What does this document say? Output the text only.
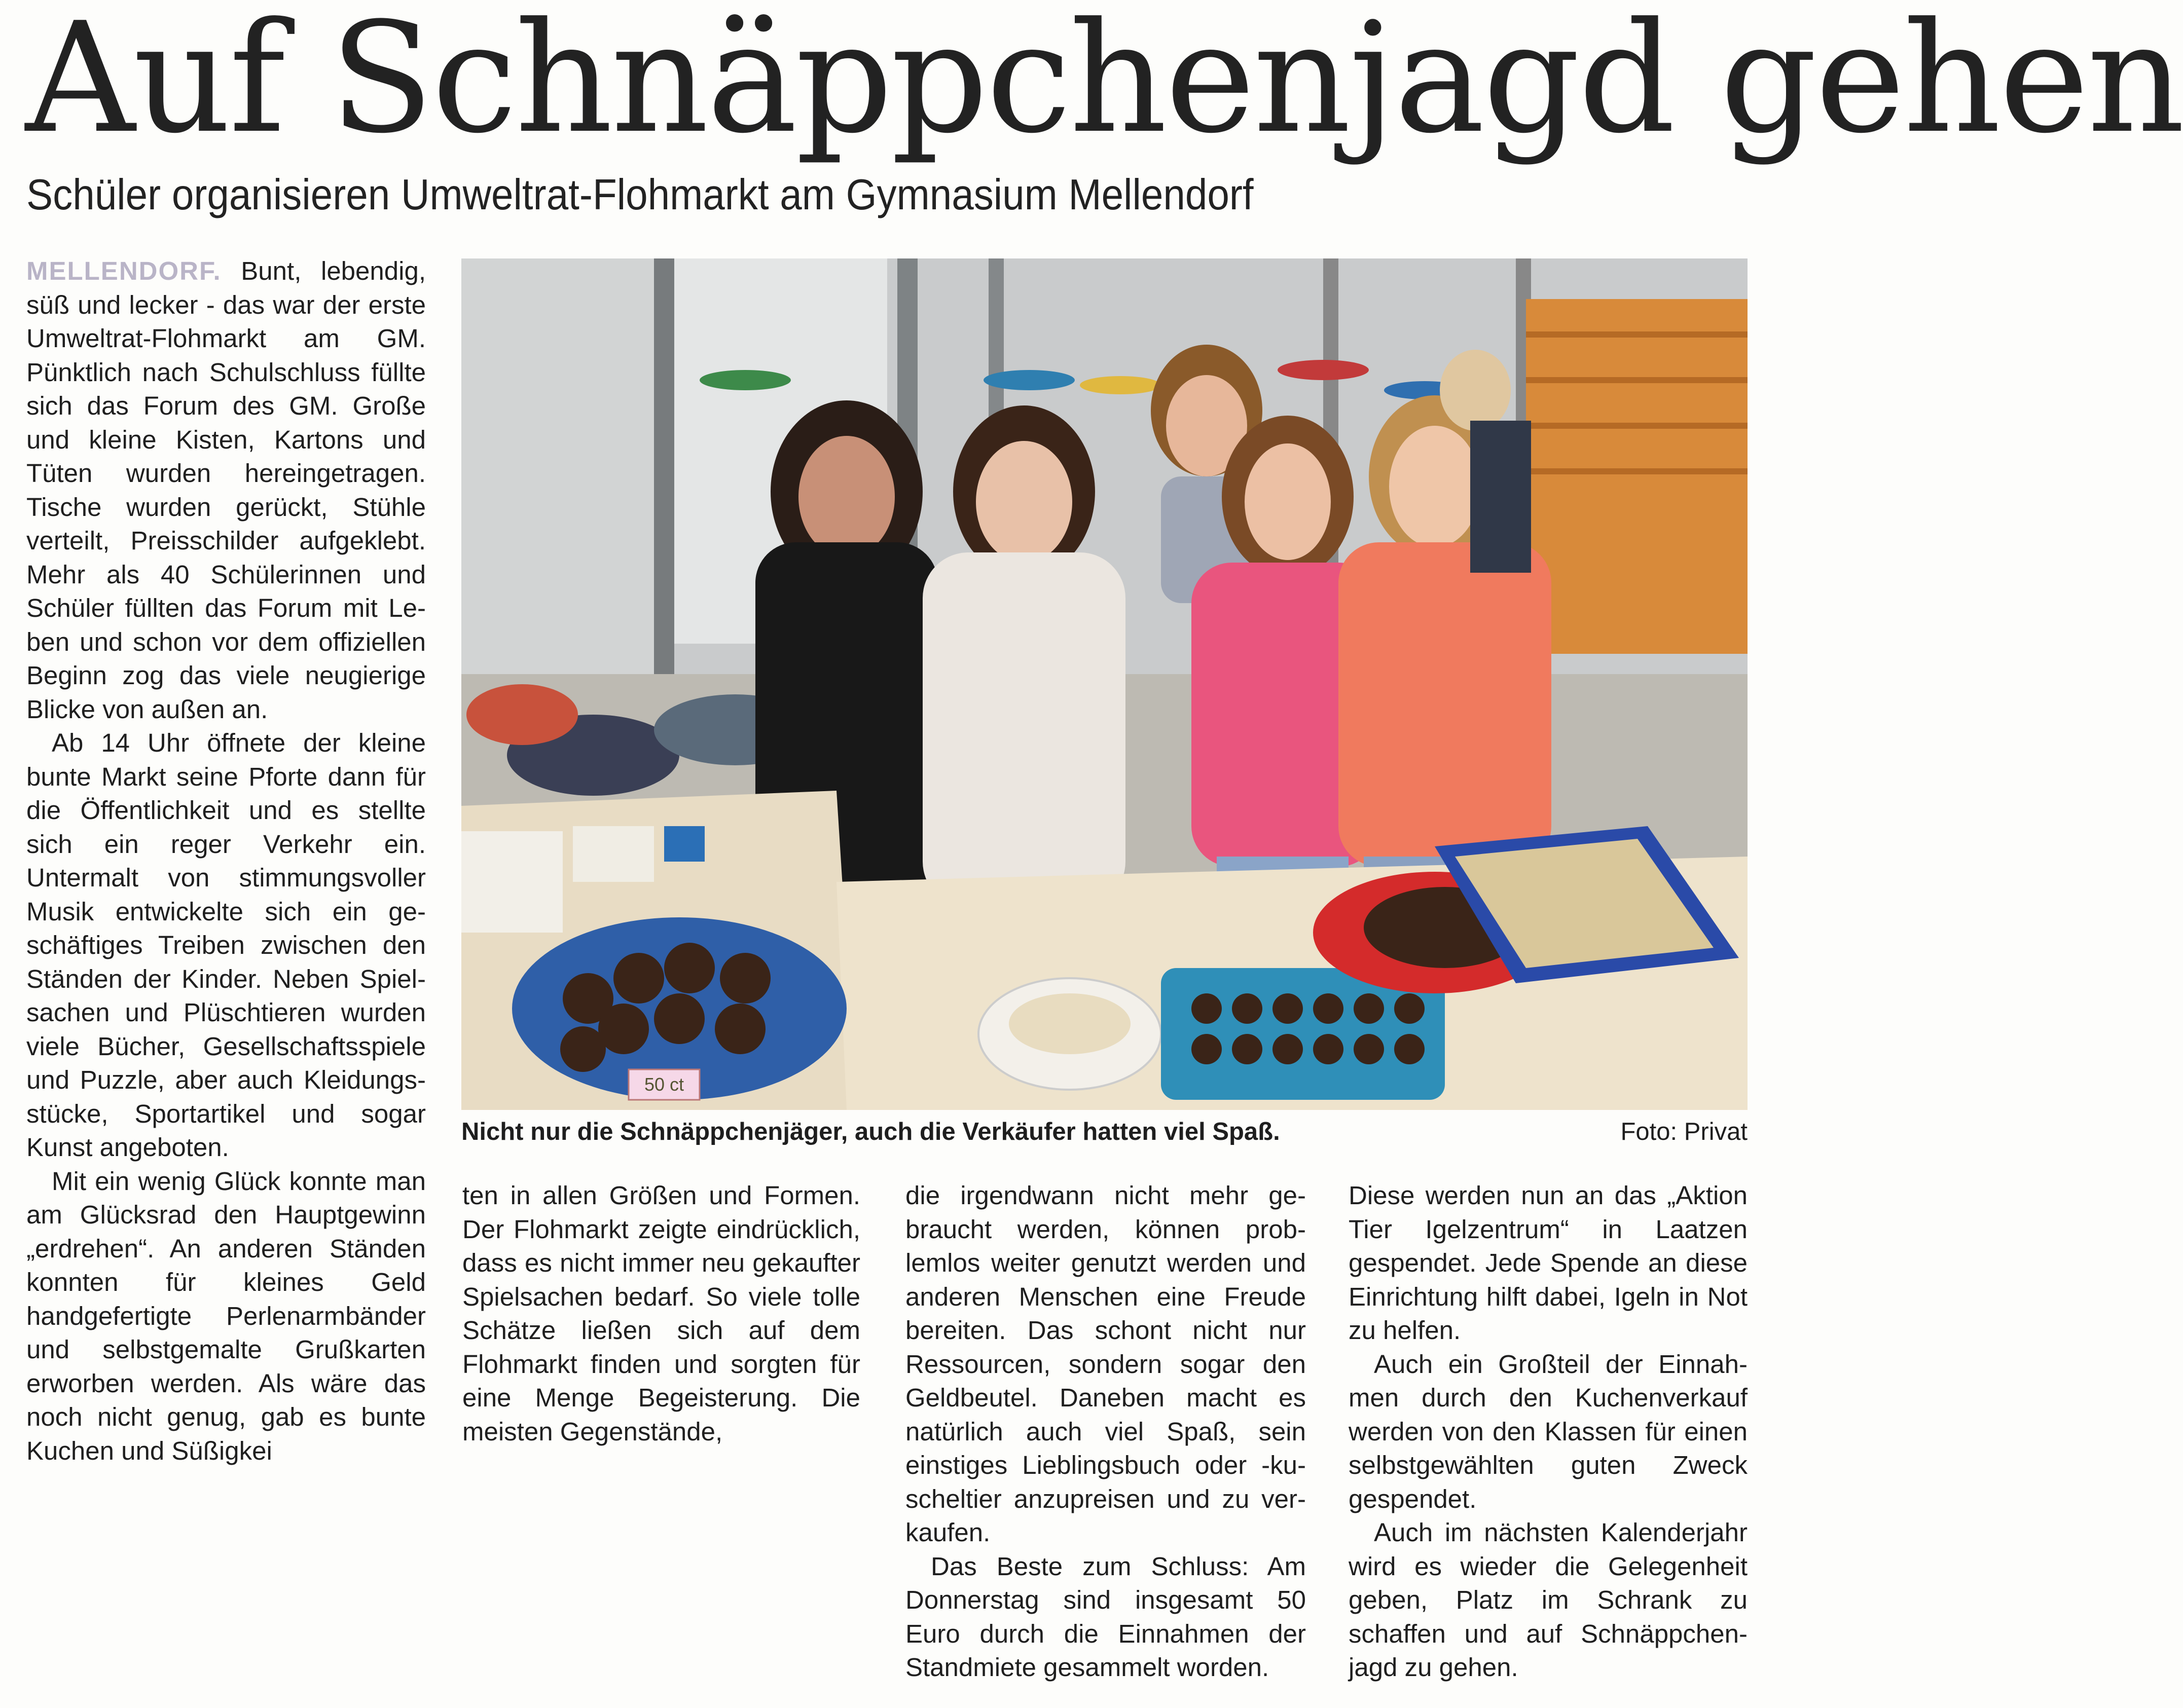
Auf Schnäppchenjagd gehen
Schüler organisieren Umweltrat-Flohmarkt am Gymnasium Mellendorf

MELLENDORF. Bunt, lebendig, süß und lecker - das war der erste Umweltrat-Flohmarkt am GM. Pünktlich nach Schulschluss füllte sich das Forum des GM. Große und kleine Kisten, Kartons und Tüten wurden hereingetragen. Tische wurden gerückt, Stühle verteilt, Preisschilder aufgeklebt. Mehr als 40 Schülerinnen und Schüler füllten das Forum mit Leben und schon vor dem offiziellen Beginn zog das viele neugierige Blicke von außen an.

Ab 14 Uhr öffnete der kleine bunte Markt seine Pforte dann für die Öffentlichkeit und es stellte sich ein reger Verkehr ein. Untermalt von stimmungsvoller Musik entwickelte sich ein geschäftiges Treiben zwischen den Ständen der Kinder. Neben Spielsachen und Plüschtieren wurden viele Bücher, Gesellschaftsspiele und Puzzle, aber auch Kleidungsstücke, Sportartikel und sogar Kunst angeboten.

Mit ein wenig Glück konnte man am Glücksrad den Hauptgewinn „erdrehen“. An anderen Ständen konnten für kleines Geld handgefertigte Perlenarmbänder und selbstgemalte Grußkarten erworben werden. Als wäre das noch nicht genug, gab es bunte Kuchen und Süßigkei

50 ct
Nicht nur die Schnäppchenjäger, auch die Verkäufer hatten viel Spaß.	Foto: Privat

ten in allen Größen und Formen. Der Flohmarkt zeigte eindrücklich, dass es nicht immer neu gekaufter Spielsachen bedarf. So viele tolle Schätze ließen sich auf dem Flohmarkt finden und sorgten für eine Menge Begeisterung. Die meisten Gegenstände,

die irgendwann nicht mehr gebraucht werden, können problemlos weiter genutzt werden und anderen Menschen eine Freude bereiten. Das schont nicht nur Ressourcen, sondern sogar den Geldbeutel. Daneben macht es natürlich auch viel Spaß, sein einstiges Lieblingsbuch oder -kuscheltier anzupreisen und zu verkaufen.

Das Beste zum Schluss: Am Donnerstag sind insgesamt 50 Euro durch die Einnahmen der Standmiete gesammelt worden.

Diese werden nun an das „Aktion Tier Igelzentrum“ in Laatzen gespendet. Jede Spende an diese Einrichtung hilft dabei, Igeln in Not zu helfen.

Auch ein Großteil der Einnahmen durch den Kuchenverkauf werden von den Klassen für einen selbstgewählten guten Zweck gespendet.

Auch im nächsten Kalenderjahr wird es wieder die Gelegenheit geben, Platz im Schrank zu schaffen und auf Schnäppchenjagd zu gehen.
